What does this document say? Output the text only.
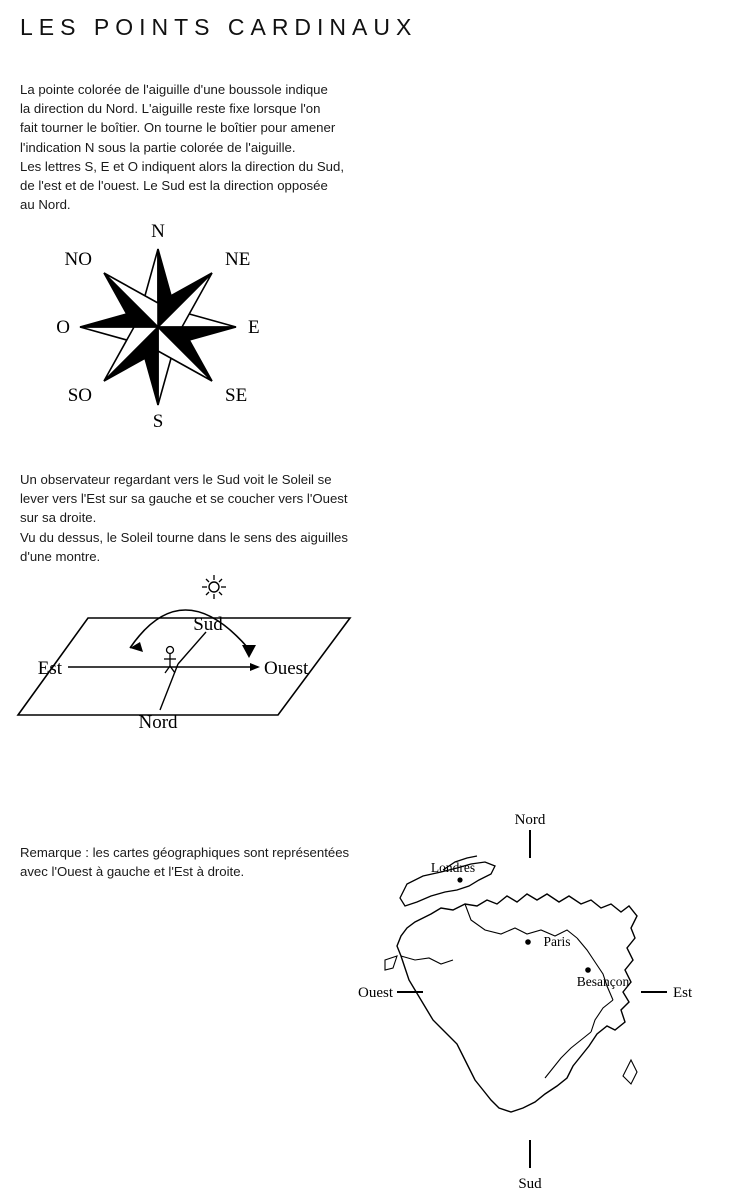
LES POINTS CARDINAUX

La pointe colorée de l'aiguille d'une boussole indique

la direction du Nord. L'aiguille reste fixe lorsque l'on

fait tourner le boîtier. On tourne le boîtier pour amener

l'indication N sous la partie colorée de l'aiguille.

Les lettres S, E et O indiquent alors la direction du Sud,

de l'est et de l'ouest. Le Sud est la direction opposée

au Nord.

N
NE
E
SE
S
SO
O
NO

Un observateur regardant vers le Sud voit le Soleil se

lever vers l'Est sur sa gauche et se coucher vers l'Ouest

sur sa droite.

Vu du dessus, le Soleil tourne dans le sens des aiguilles

d'une montre.

Est	Ouest
Sud
Nord

Remarque : les cartes géographiques sont représentées

avec l'Ouest à gauche et l'Est à droite.

Nord
Sud
Ouest	Est
Londres
Paris
Besançon
